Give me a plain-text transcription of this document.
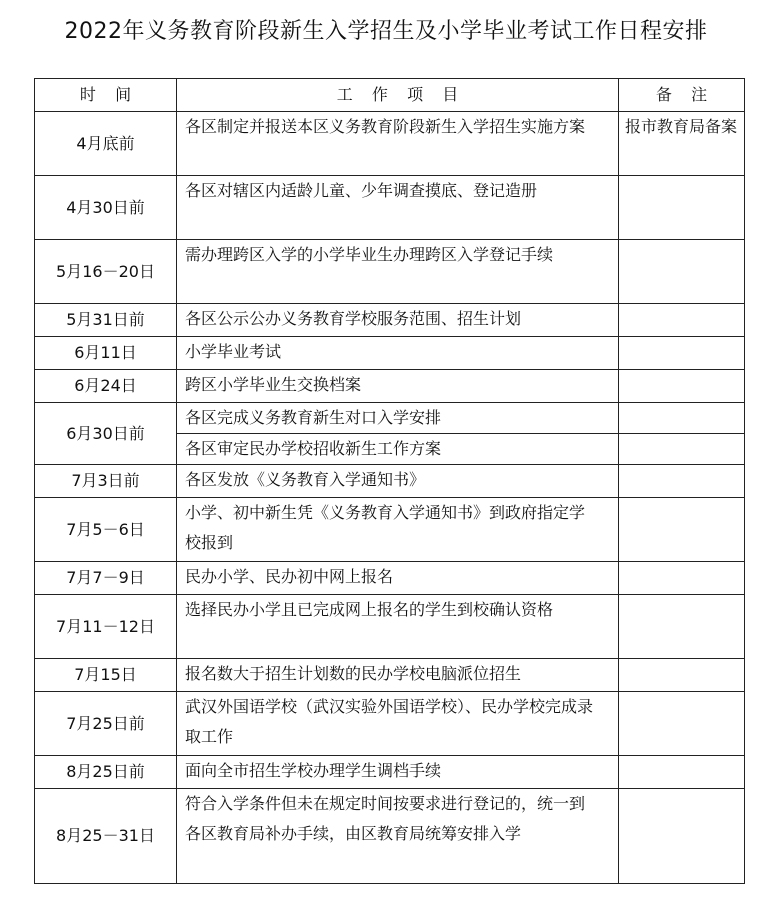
2022年义务教育阶段新生入学招生及小学毕业考试工作日程安排
时间	工作项目	备注
4月底前	各区制定并报送本区义务教育阶段新生入学招生实施方案	报市教育局备案
4月30日前	各区对辖区内适龄儿童、少年调查摸底、登记造册	
5月16－20日	需办理跨区入学的小学毕业生办理跨区入学登记手续	
5月31日前	各区公示公办义务教育学校服务范围、招生计划	
6月11日	小学毕业考试	
6月24日	跨区小学毕业生交换档案	
6月30日前	各区完成义务教育新生对口入学安排	
	各区审定民办学校招收新生工作方案	
7月3日前	各区发放《义务教育入学通知书》	
7月5－6日	小学、初中新生凭《义务教育入学通知书》到政府指定学校报到	
7月7－9日	民办小学、民办初中网上报名	
7月11－12日	选择民办小学且已完成网上报名的学生到校确认资格	
7月15日	报名数大于招生计划数的民办学校电脑派位招生	
7月25日前	武汉外国语学校（武汉实验外国语学校）、民办学校完成录取工作	
8月25日前	面向全市招生学校办理学生调档手续	
8月25－31日	符合入学条件但未在规定时间按要求进行登记的，统一到各区教育局补办手续，由区教育局统筹安排入学	
